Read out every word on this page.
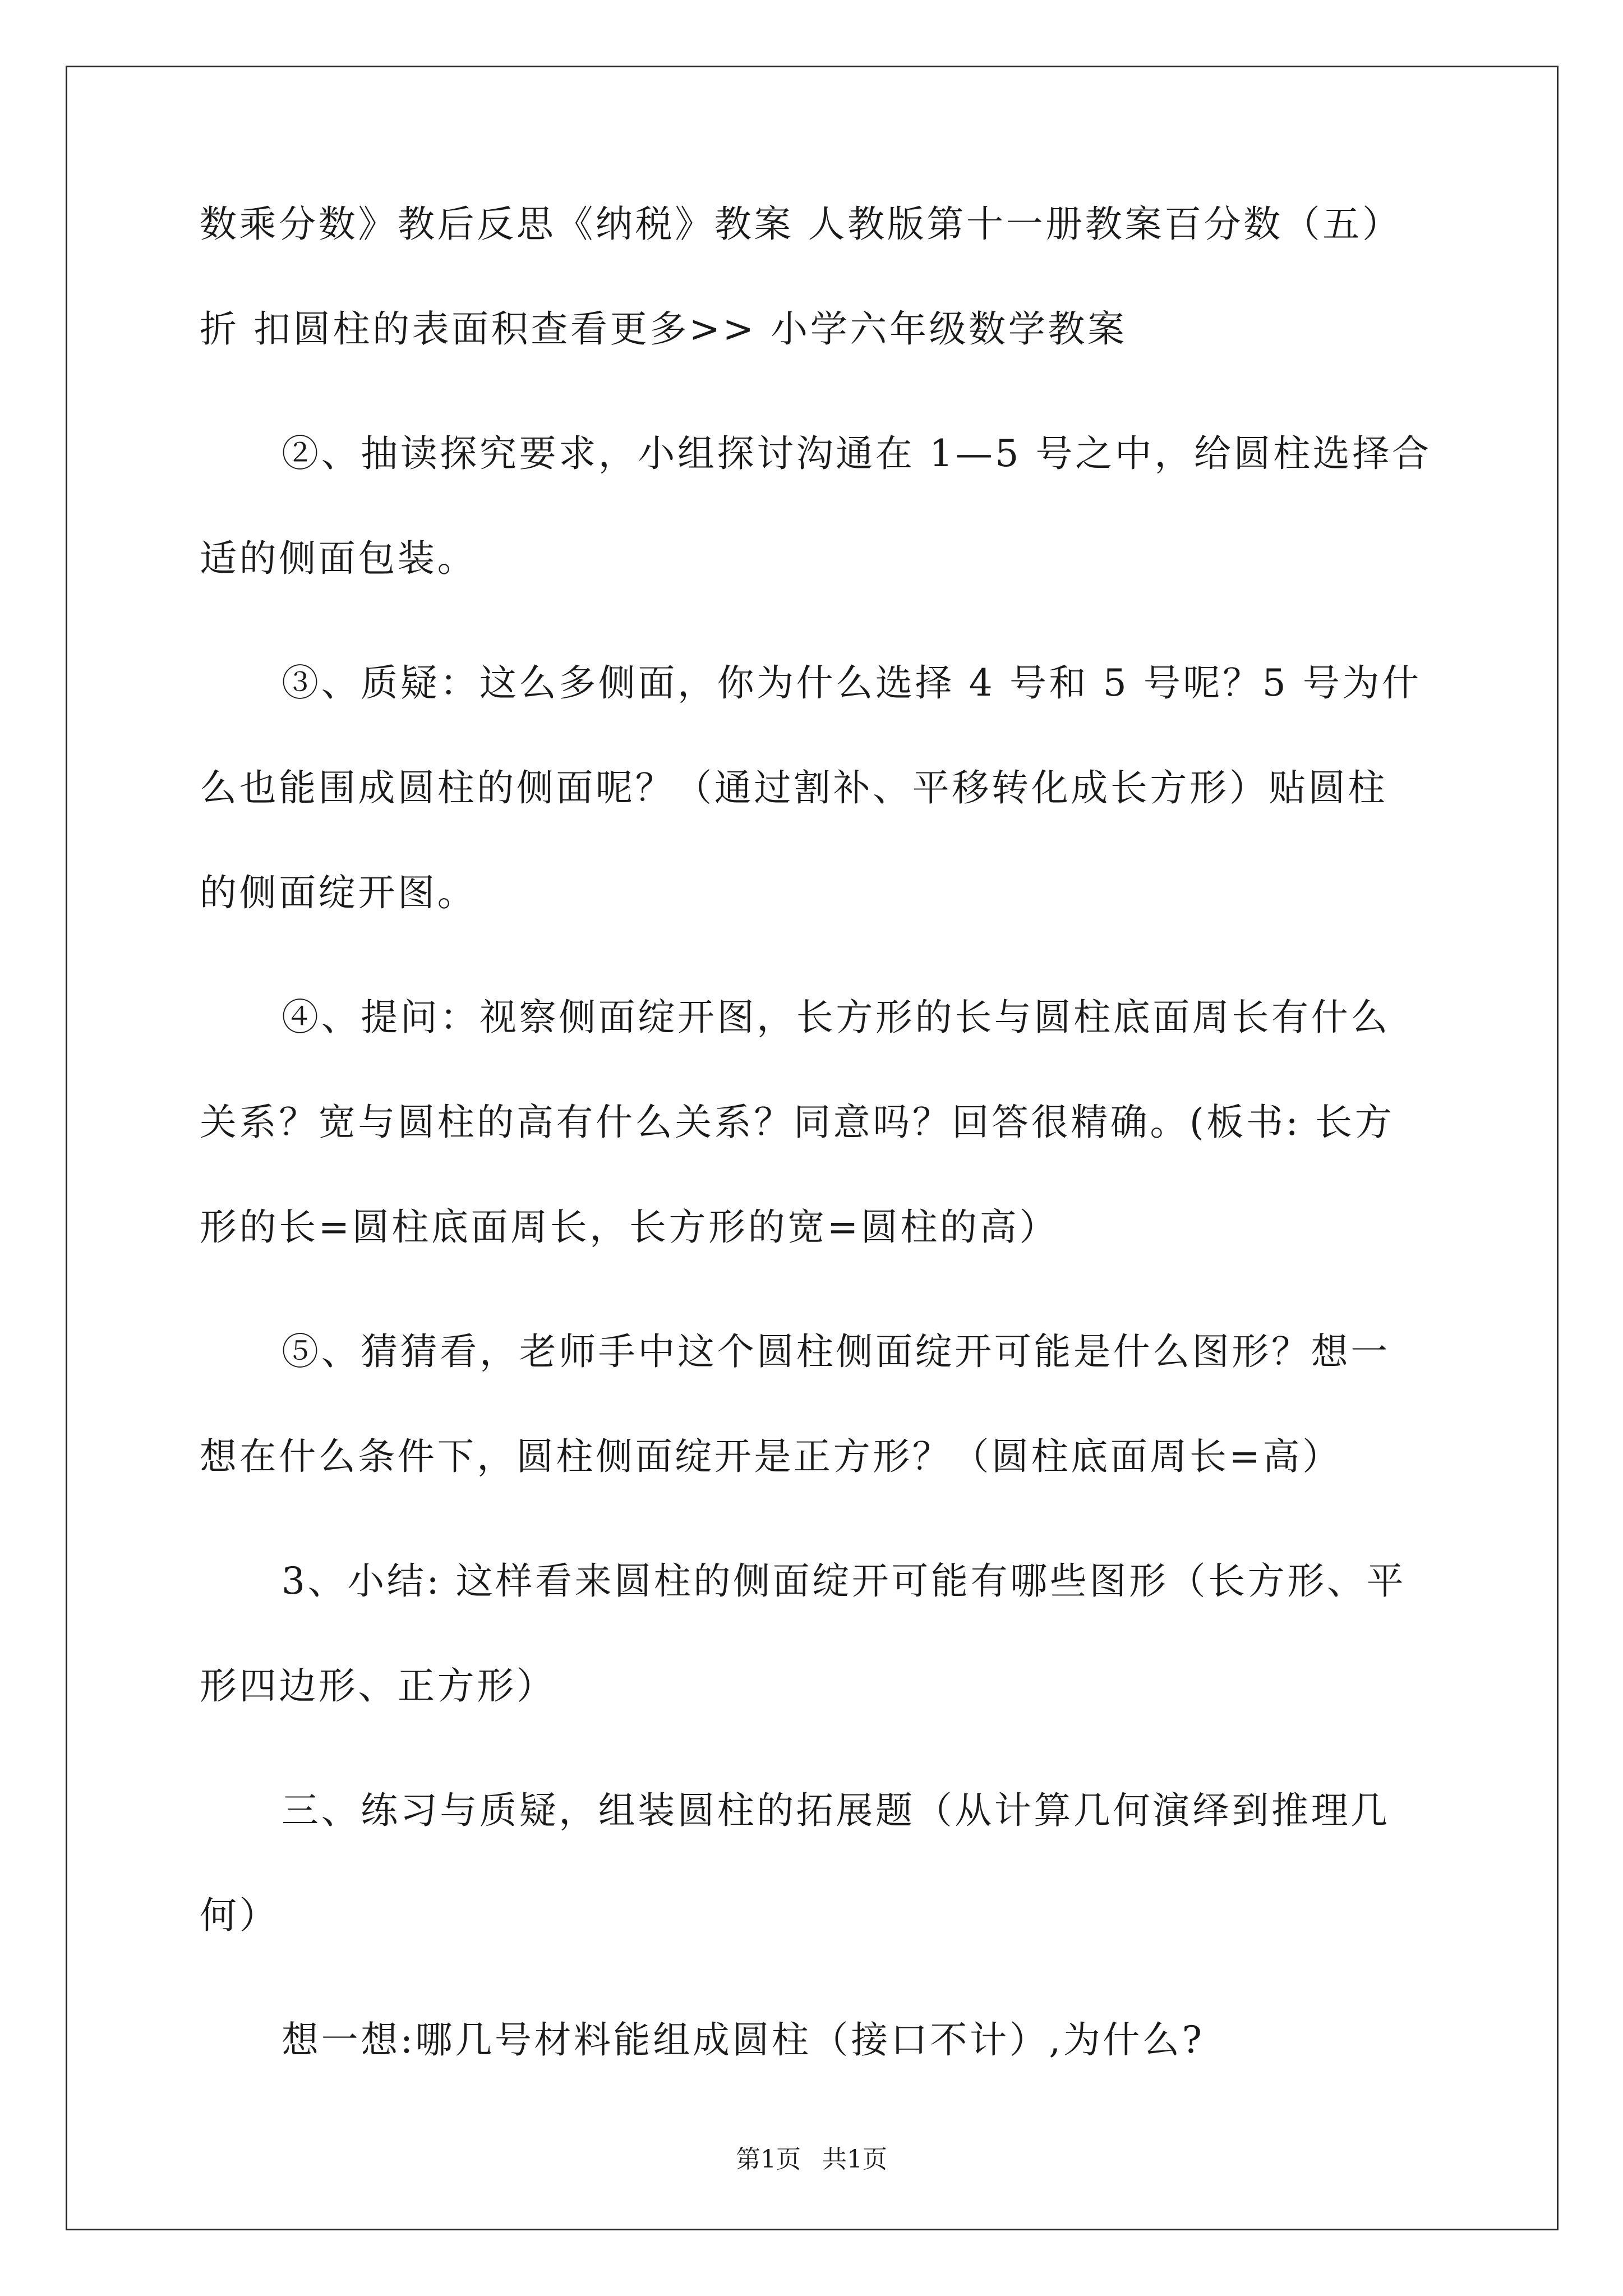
数乘分数》教后反思《纳税》教案 人教版第十一册教案百分数（五）
折 扣圆柱的表面积查看更多>> 小学六年级数学教案
②、抽读探究要求，小组探讨沟通在 1—5 号之中，给圆柱选择合
适的侧面包装。
③、质疑：这么多侧面，你为什么选择 4 号和 5 号呢？5 号为什
么也能围成圆柱的侧面呢？（通过割补、平移转化成长方形）贴圆柱
的侧面绽开图。
④、提问：视察侧面绽开图，长方形的长与圆柱底面周长有什么
关系？宽与圆柱的高有什么关系？同意吗？回答很精确。(板书: 长方
形的长=圆柱底面周长，长方形的宽=圆柱的高）
⑤、猜猜看，老师手中这个圆柱侧面绽开可能是什么图形？想一
想在什么条件下，圆柱侧面绽开是正方形？（圆柱底面周长=高）
3、小结: 这样看来圆柱的侧面绽开可能有哪些图形（长方形、平
形四边形、正方形）
三、练习与质疑，组装圆柱的拓展题（从计算几何演绎到推理几
何）
想一想:哪几号材料能组成圆柱（接口不计）,为什么?
第1页 共1页
